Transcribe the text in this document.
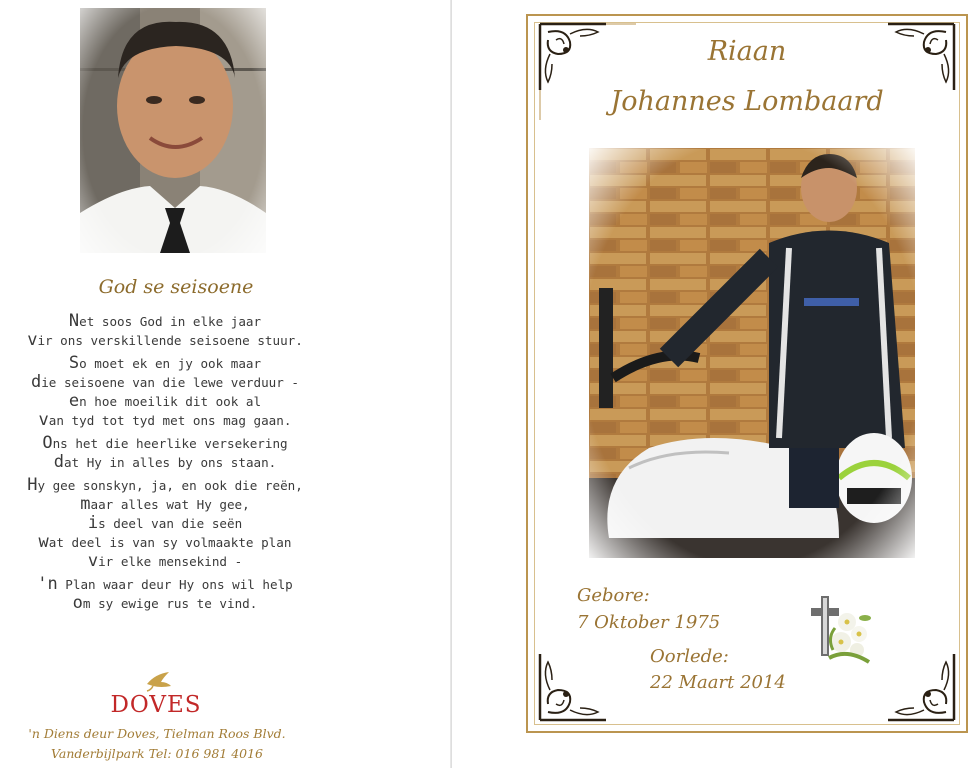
God se seisoene
Net soos God in elke jaar
vir ons verskillende seisoene stuur.
So moet ek en jy ook maar
die seisoene van die lewe verduur -
en hoe moeilik dit ook al
van tyd tot tyd met ons mag gaan.
Ons het die heerlike versekering
dat Hy in alles by ons staan.
Hy gee sonskyn, ja, en ook die reën,
maar alles wat Hy gee,
is deel van die seën
wat deel is van sy volmaakte plan
vir elke mensekind -
'n Plan waar deur Hy ons wil help
om sy ewige rus te vind.
DOVES
'n Diens deur Doves, Tielman Roos Blvd.
Vanderbijlpark Tel: 016 981 4016
Riaan
Johannes Lombaard
Gebore:
7 Oktober 1975
Oorlede:
22 Maart 2014
